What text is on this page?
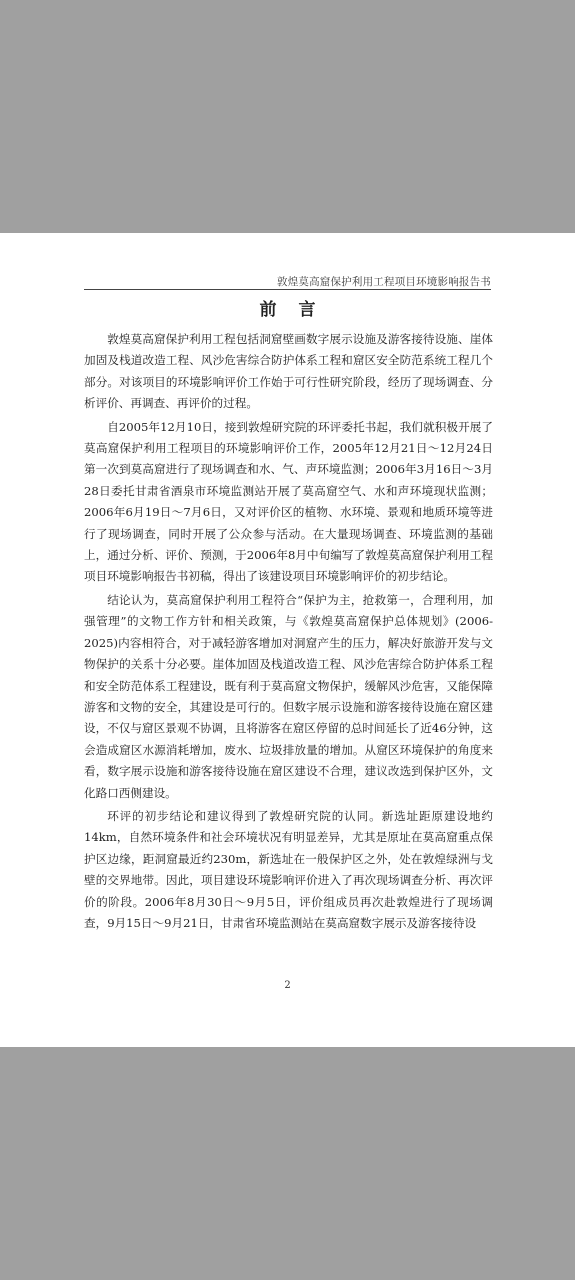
敦煌莫高窟保护利用工程项目环境影响报告书
前言

敦煌莫高窟保护利用工程包括洞窟壁画数字展示设施及游客接待设施、崖体加固及栈道改造工程、风沙危害综合防护体系工程和窟区安全防范系统工程几个部分。对该项目的环境影响评价工作始于可行性研究阶段，经历了现场调查、分析评价、再调查、再评价的过程。

自2005年12月10日，接到敦煌研究院的环评委托书起，我们就积极开展了莫高窟保护利用工程项目的环境影响评价工作，2005年12月21日～12月24日第一次到莫高窟进行了现场调查和水、气、声环境监测；2006年3月16日～3月28日委托甘肃省酒泉市环境监测站开展了莫高窟空气、水和声环境现状监测；2006年6月19日～7月6日，又对评价区的植物、水环境、景观和地质环境等进行了现场调查，同时开展了公众参与活动。在大量现场调查、环境监测的基础上，通过分析、评价、预测，于2006年8月中旬编写了敦煌莫高窟保护利用工程项目环境影响报告书初稿，得出了该建设项目环境影响评价的初步结论。

结论认为，莫高窟保护利用工程符合“保护为主，抢救第一，合理利用，加强管理”的文物工作方针和相关政策，与《敦煌莫高窟保护总体规划》(2006-2025)内容相符合，对于减轻游客增加对洞窟产生的压力，解决好旅游开发与文物保护的关系十分必要。崖体加固及栈道改造工程、风沙危害综合防护体系工程和安全防范体系工程建设，既有利于莫高窟文物保护，缓解风沙危害，又能保障游客和文物的安全，其建设是可行的。但数字展示设施和游客接待设施在窟区建设，不仅与窟区景观不协调，且将游客在窟区停留的总时间延长了近46分钟，这会造成窟区水源消耗增加，废水、垃圾排放量的增加。从窟区环境保护的角度来看，数字展示设施和游客接待设施在窟区建设不合理，建议改选到保护区外，文化路口西侧建设。

环评的初步结论和建议得到了敦煌研究院的认同。新选址距原建设地约14km，自然环境条件和社会环境状况有明显差异，尤其是原址在莫高窟重点保护区边缘，距洞窟最近约230m，新选址在一般保护区之外，处在敦煌绿洲与戈壁的交界地带。因此，项目建设环境影响评价进入了再次现场调查分析、再次评价的阶段。2006年8月30日～9月5日，评价组成员再次赴敦煌进行了现场调查，9月15日～9月21日，甘肃省环境监测站在莫高窟数字展示及游客接待设

2
